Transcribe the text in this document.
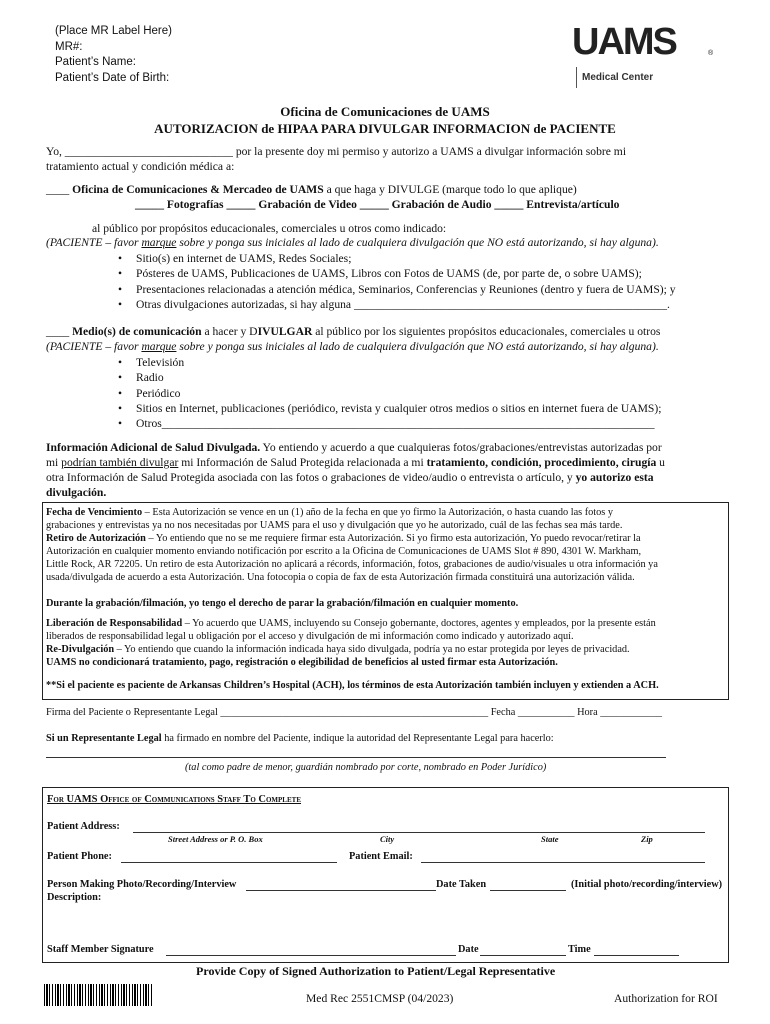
(Place MR Label Here)
MR#:
Patient’s Name:
Patient’s Date of Birth:
UAMS	®
Medical Center
Oficina de Comunicaciones de UAMS
AUTORIZACION de HIPAA PARA DIVULGAR INFORMACION de PACIENTE
Yo, _____________________________ por la presente doy mi permiso y autorizo a UAMS a divulgar información sobre mi
tratamiento actual y condición médica a:
____ Oficina de Comunicaciones & Mercadeo de UAMS a que haga y DIVULGE (marque todo lo que aplique)
_____ Fotografías _____ Grabación de Video _____ Grabación de Audio _____ Entrevista/artículo
al público por propósitos educacionales, comerciales u otros como indicado:
(PACIENTE – favor marque sobre y ponga sus iniciales al lado de cualquiera divulgación que NO está autorizando, si hay alguna).
• Sitio(s) en internet de UAMS, Redes Sociales;
• Pósteres de UAMS, Publicaciones de UAMS, Libros con Fotos de UAMS (de, por parte de, o sobre UAMS);
• Presentaciones relacionadas a atención médica, Seminarios, Conferencias y Reuniones (dentro y fuera de UAMS); y
• Otras divulgaciones autorizadas, si hay alguna ______________________________________________________.
____ Medio(s) de comunicación a hacer y DIVULGAR al público por los siguientes propósitos educacionales, comerciales u otros
(PACIENTE – favor marque sobre y ponga sus iniciales al lado de cualquiera divulgación que NO está autorizando, si hay alguna).
• Televisión
• Radio
• Periódico
• Sitios en Internet, publicaciones (periódico, revista y cualquier otros medios o sitios en internet fuera de UAMS);
• Otros_____________________________________________________________________________________
Información Adicional de Salud Divulgada. Yo entiendo y acuerdo a que cualquieras fotos/grabaciones/entrevistas autorizadas por
mi podrían también divulgar mi Información de Salud Protegida relacionada a mi tratamiento, condición, procedimiento, cirugía u
otra Información de Salud Protegida asociada con las fotos o grabaciones de video/audio o entrevista o artículo, y yo autorizo esta
divulgación.
Fecha de Vencimiento – Esta Autorización se vence en un (1) año de la fecha en que yo firmo la Autorización, o hasta cuando las fotos y
grabaciones y entrevistas ya no nos necesitadas por UAMS para el uso y divulgación que yo he autorizado, cuál de las fechas sea más tarde.
Retiro de Autorización – Yo entiendo que no se me requiere firmar esta Autorización. Si yo firmo esta autorización, Yo puedo revocar/retirar la
Autorización en cualquier momento enviando notificación por escrito a la Oficina de Comunicaciones de UAMS Slot # 890, 4301 W. Markham,
Little Rock, AR 72205. Un retiro de esta Autorización no aplicará a récords, información, fotos, grabaciones de audio/visuales u otra información ya
usada/divulgada de acuerdo a esta Autorización. Una fotocopia o copia de fax de esta Autorización firmada constituirá una autorización válida.
Durante la grabación/filmación, yo tengo el derecho de parar la grabación/filmación en cualquier momento.
Liberación de Responsabilidad – Yo acuerdo que UAMS, incluyendo su Consejo gobernante, doctores, agentes y empleados, por la presente están
liberados de responsabilidad legal u obligación por el acceso y divulgación de mi información como indicado y autorizado aquí.
Re-Divulgación – Yo entiendo que cuando la información indicada haya sido divulgada, podría ya no estar protegida por leyes de privacidad.
UAMS no condicionará tratamiento, pago, registración o elegibilidad de beneficios al usted firmar esta Autorización.
**Si el paciente es paciente de Arkansas Children’s Hospital (ACH), los términos de esta Autorización también incluyen y extienden a ACH.
Firma del Paciente o Representante Legal ____________________________________________________ Fecha ___________ Hora ____________
Si un Representante Legal ha firmado en nombre del Paciente, indique la autoridad del Representante Legal para hacerlo:
(tal como padre de menor, guardián nombrado por corte, nombrado en Poder Jurídico)
For UAMS Office of Communications Staff To Complete
Patient Address:
Street Address or P. O. Box	City	State	Zip
Patient Phone:	Patient Email:
Person Making Photo/Recording/Interview	Date Taken	(Initial photo/recording/interview)
Description:
Staff Member Signature	Date	Time
Provide Copy of Signed Authorization to Patient/Legal Representative
Med Rec 2551CMSP (04/2023)	Authorization for ROI
